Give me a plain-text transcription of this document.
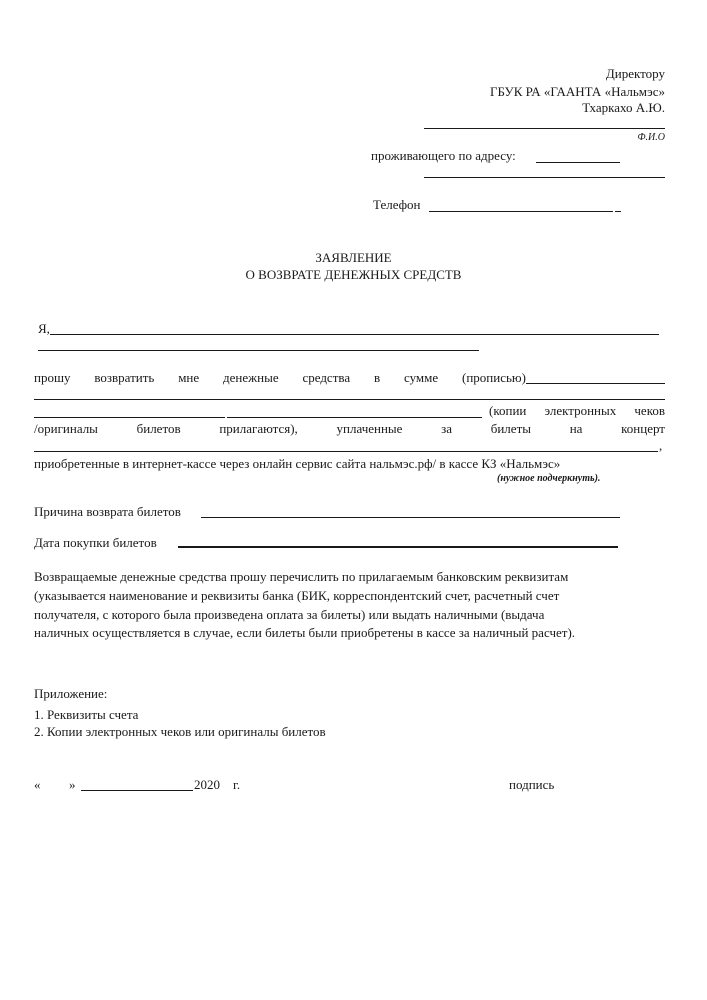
Директору
ГБУК РА «ГААНТА «Нальмэс»
Тхаркахо А.Ю.
Ф.И.О
проживающего по адресу:
Телефон
ЗАЯВЛЕНИЕ
О ВОЗВРАТЕ ДЕНЕЖНЫХ СРЕДСТВ
Я,
прошу возвратить мне денежные средства в сумме (прописью)
(копии электронных чеков
/оригиналы	билетов	прилагаются),	уплаченные	за	билеты	на	концерт
,
приобретенные в интернет-кассе через онлайн сервис сайта нальмэс.рф/ в кассе КЗ «Нальмэс»
(нужное подчеркнуть).
Причина возврата билетов
Дата покупки билетов
Возвращаемые денежные средства прошу перечислить по прилагаемым банковским реквизитам
(указывается наименование и реквизиты банка (БИК, корреспондентский счет, расчетный счет
получателя, с которого была произведена оплата за билеты) или выдать наличными (выдача
наличных осуществляется в случае, если билеты были приобретены в кассе за наличный расчет).
Приложение:
1. Реквизиты счета
2. Копии электронных чеков или оригиналы билетов
« »	2020 г.	подпись
